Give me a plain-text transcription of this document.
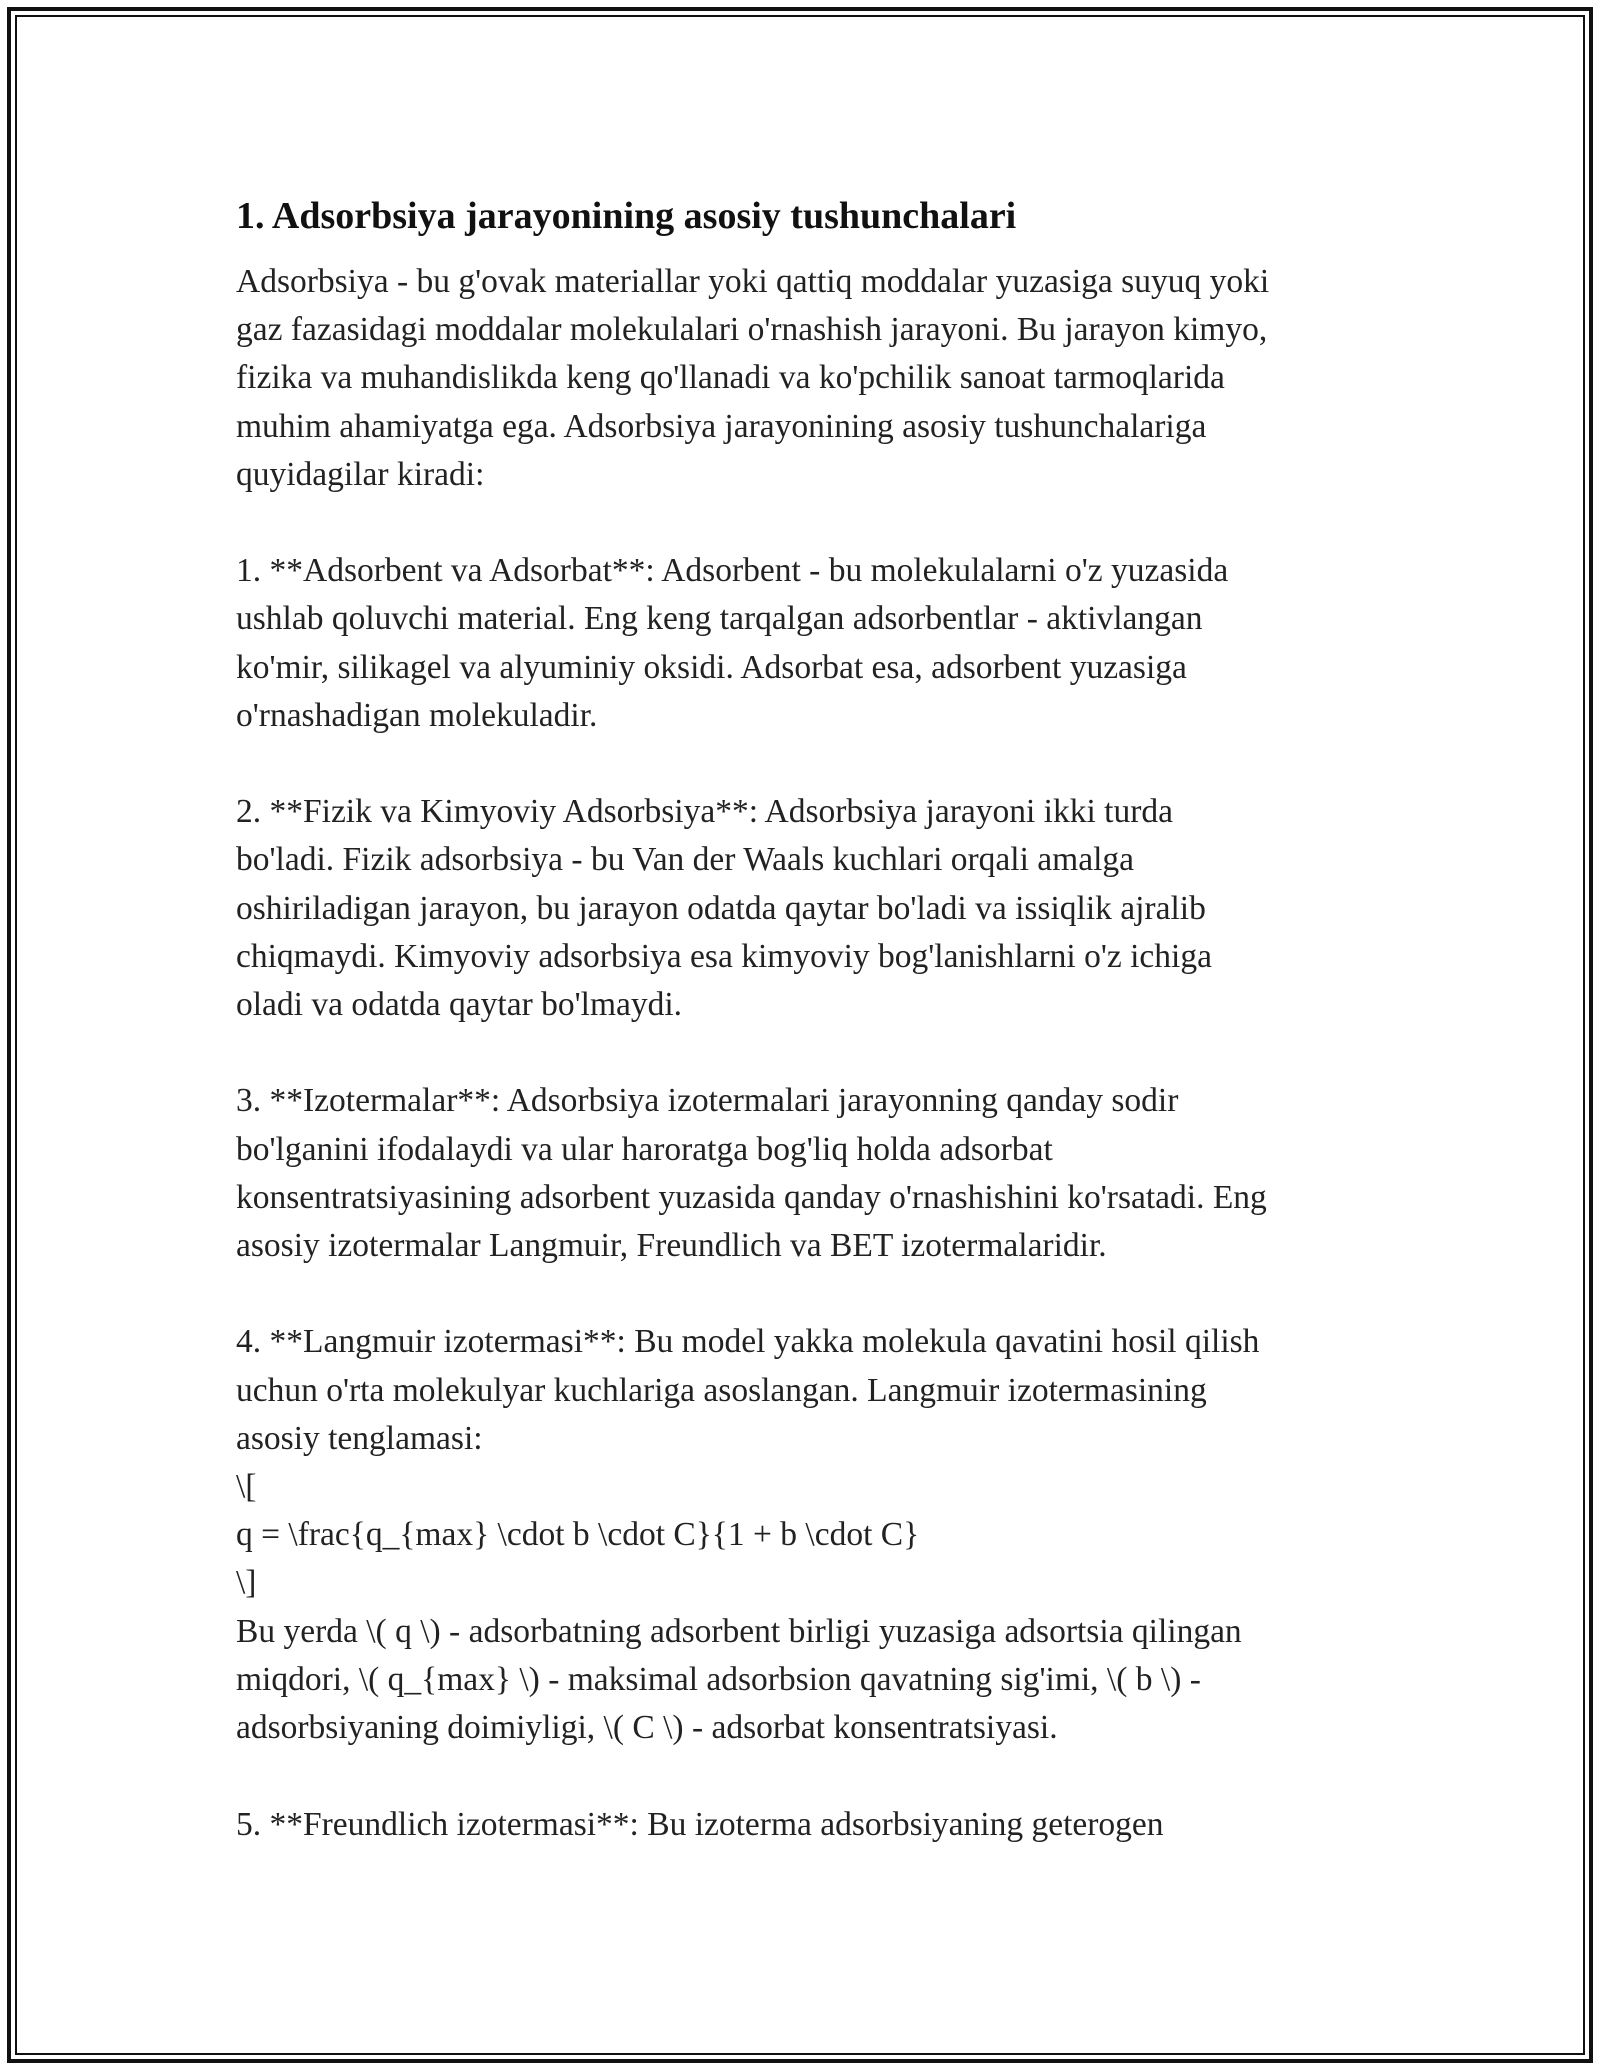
1. Adsorbsiya jarayonining asosiy tushunchalari
Adsorbsiya - bu g'ovak materiallar yoki qattiq moddalar yuzasiga suyuq yoki
gaz fazasidagi moddalar molekulalari o'rnashish jarayoni. Bu jarayon kimyo,
fizika va muhandislikda keng qo'llanadi va ko'pchilik sanoat tarmoqlarida
muhim ahamiyatga ega. Adsorbsiya jarayonining asosiy tushunchalariga
quyidagilar kiradi:

1. **Adsorbent va Adsorbat**: Adsorbent - bu molekulalarni o'z yuzasida
ushlab qoluvchi material. Eng keng tarqalgan adsorbentlar - aktivlangan
ko'mir, silikagel va alyuminiy oksidi. Adsorbat esa, adsorbent yuzasiga
o'rnashadigan molekuladir.

2. **Fizik va Kimyoviy Adsorbsiya**: Adsorbsiya jarayoni ikki turda
bo'ladi. Fizik adsorbsiya - bu Van der Waals kuchlari orqali amalga
oshiriladigan jarayon, bu jarayon odatda qaytar bo'ladi va issiqlik ajralib
chiqmaydi. Kimyoviy adsorbsiya esa kimyoviy bog'lanishlarni o'z ichiga
oladi va odatda qaytar bo'lmaydi.

3. **Izotermalar**: Adsorbsiya izotermalari jarayonning qanday sodir
bo'lganini ifodalaydi va ular haroratga bog'liq holda adsorbat
konsentratsiyasining adsorbent yuzasida qanday o'rnashishini ko'rsatadi. Eng
asosiy izotermalar Langmuir, Freundlich va BET izotermalaridir.

4. **Langmuir izotermasi**: Bu model yakka molekula qavatini hosil qilish
uchun o'rta molekulyar kuchlariga asoslangan. Langmuir izotermasining
asosiy tenglamasi:
\[
q = \frac{q_{max} \cdot b \cdot C}{1 + b \cdot C}
\]
Bu yerda \( q \) - adsorbatning adsorbent birligi yuzasiga adsortsia qilingan
miqdori, \( q_{max} \) - maksimal adsorbsion qavatning sig'imi, \( b \) -
adsorbsiyaning doimiyligi, \( C \) - adsorbat konsentratsiyasi.

5. **Freundlich izotermasi**: Bu izoterma adsorbsiyaning geterogen
